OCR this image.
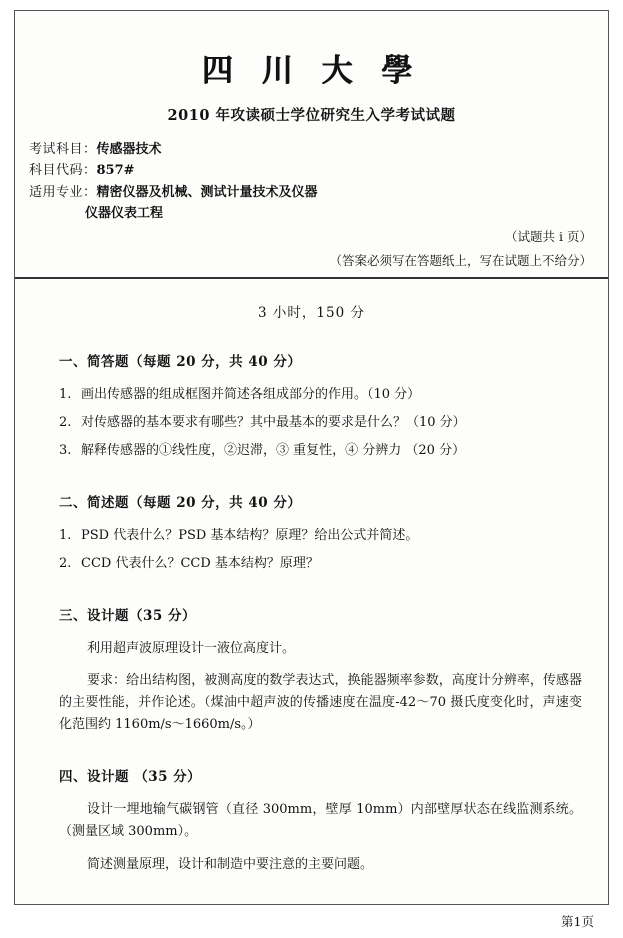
四 川 大 學
2010 年攻读硕士学位研究生入学考试试题
考试科目：传感器技术
科目代码：857#
适用专业：精密仪器及机械、测试计量技术及仪器
仪器仪表工程
（试题共 ⅰ 页）
（答案必须写在答题纸上，写在试题上不给分）
3 小时，150 分
一、简答题（每题 20 分，共 40 分）
1. 画出传感器的组成框图并简述各组成部分的作用。（10 分）
2. 对传感器的基本要求有哪些？其中最基本的要求是什么？（10 分）
3. 解释传感器的①线性度，②迟滞，③ 重复性，④ 分辨力 （20 分）
二、简述题（每题 20 分，共 40 分）
1. PSD 代表什么？PSD 基本结构？原理？给出公式并简述。
2. CCD 代表什么？CCD 基本结构？原理？
三、设计题（35 分）
利用超声波原理设计一液位高度计。
要求：给出结构图，被测高度的数学表达式，换能器频率参数，高度计分辨率，传感器的主要性能，并作论述。（煤油中超声波的传播速度在温度-42～70 摄氏度变化时，声速变化范围约 1160m/s～1660m/s。）
四、设计题 （35 分）
设计一埋地输气碳钢管（直径 300mm，壁厚 10mm）内部壁厚状态在线监测系统。（测量区域 300mm）。
简述测量原理，设计和制造中要注意的主要问题。
第1页
